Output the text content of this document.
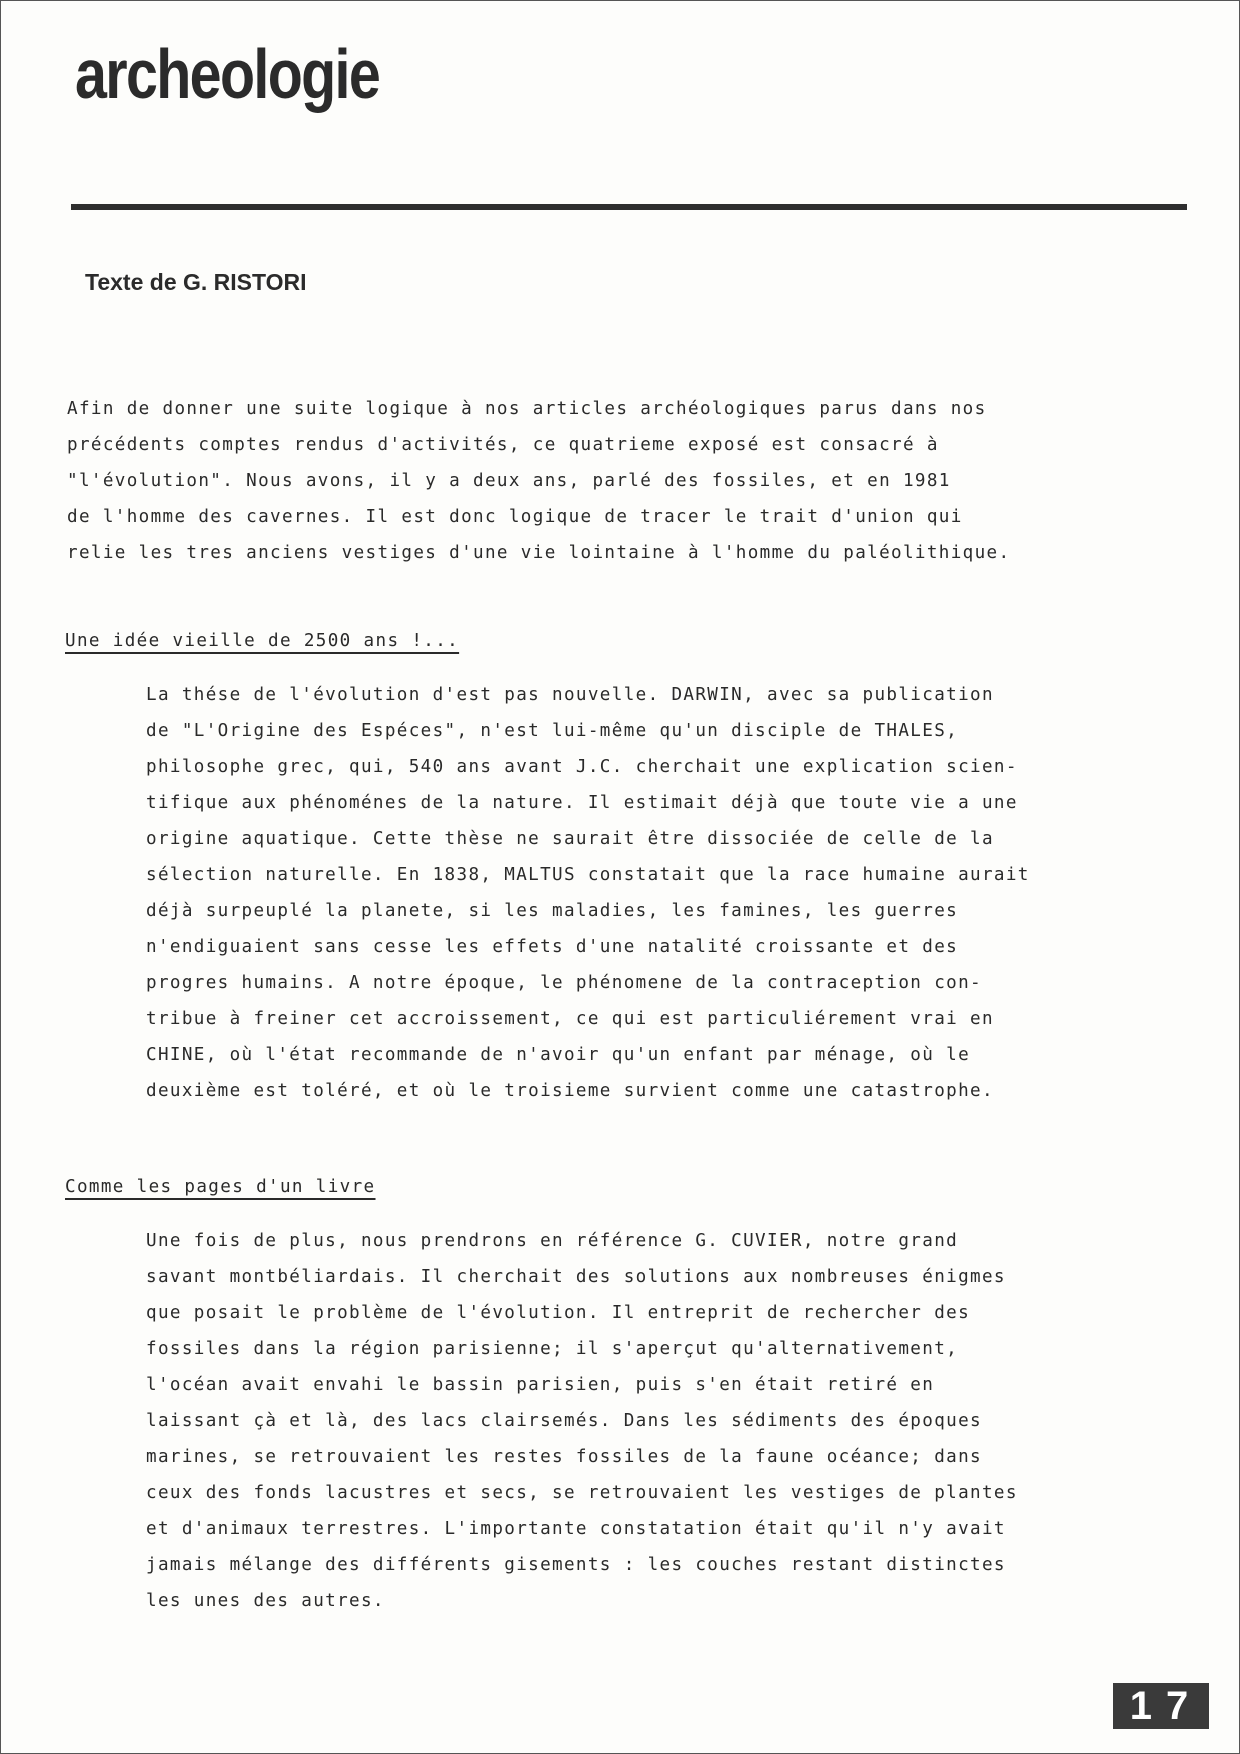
archeologie
Texte de G. RISTORI
Afin de donner une suite logique à nos articles archéologiques parus dans nos
précédents comptes rendus d'activités, ce quatrieme exposé est consacré à
"l'évolution". Nous avons, il y a deux ans, parlé des fossiles, et en 1981
de l'homme des cavernes. Il est donc logique de tracer le trait d'union qui
relie les tres anciens vestiges d'une vie lointaine à l'homme du paléolithique.
Une idée vieille de 2500 ans !...
La thése de l'évolution d'est pas nouvelle. DARWIN, avec sa publication
de "L'Origine des Espéces", n'est lui-même qu'un disciple de THALES,
philosophe grec, qui, 540 ans avant J.C. cherchait une explication scien-
tifique aux phénoménes de la nature. Il estimait déjà que toute vie a une
origine aquatique. Cette thèse ne saurait être dissociée de celle de la
sélection naturelle. En 1838, MALTUS constatait que la race humaine aurait
déjà surpeuplé la planete, si les maladies, les famines, les guerres
n'endiguaient sans cesse les effets d'une natalité croissante et des
progres humains. A notre époque, le phénomene de la contraception con-
tribue à freiner cet accroissement, ce qui est particuliérement vrai en
CHINE, où l'état recommande de n'avoir qu'un enfant par ménage, où le
deuxième est toléré, et où le troisieme survient comme une catastrophe.
Comme les pages d'un livre
Une fois de plus, nous prendrons en référence G. CUVIER, notre grand
savant montbéliardais. Il cherchait des solutions aux nombreuses énigmes
que posait le problème de l'évolution. Il entreprit de rechercher des
fossiles dans la région parisienne; il s'aperçut qu'alternativement,
l'océan avait envahi le bassin parisien, puis s'en était retiré en
laissant çà et là, des lacs clairsemés. Dans les sédiments des époques
marines, se retrouvaient les restes fossiles de la faune océance; dans
ceux des fonds lacustres et secs, se retrouvaient les vestiges de plantes
et d'animaux terrestres. L'importante constatation était qu'il n'y avait
jamais mélange des différents gisements : les couches restant distinctes
les unes des autres.
17
